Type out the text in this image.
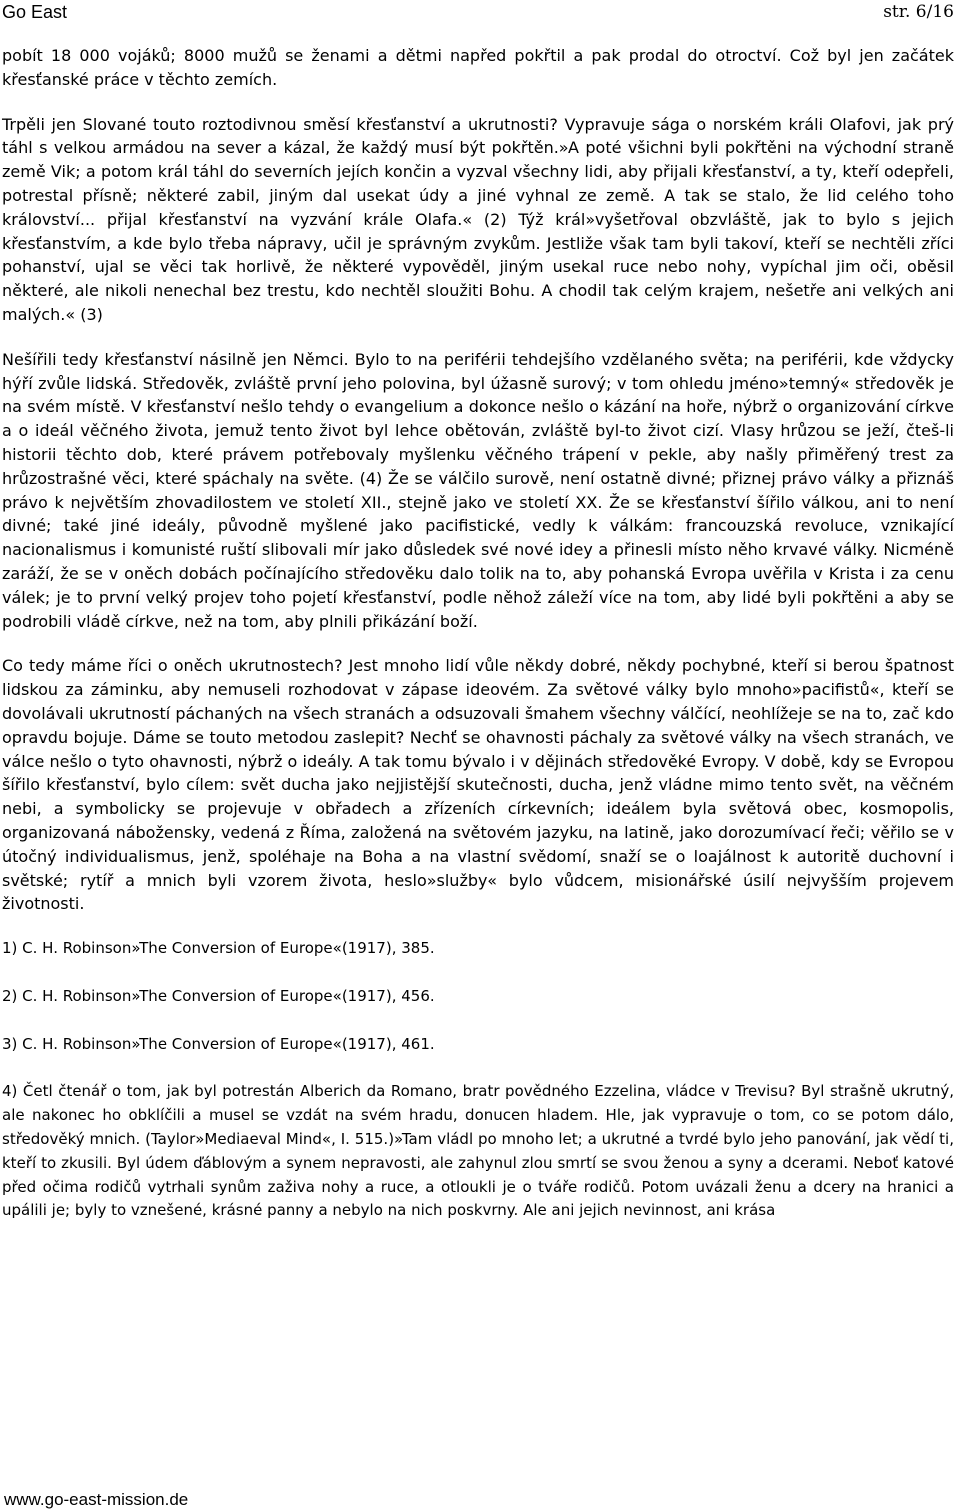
Go East	str. 6/16

pobít 18 000 vojáků; 8000 mužů se ženami a dětmi napřed pokřtil a pak prodal do otroctví. Což byl jen začátek křesťanské práce v těchto zemích.

Trpěli jen Slované touto roztodivnou směsí křesťanství a ukrutnosti? Vypravuje sága o norském králi Olafovi, jak prý táhl s velkou armádou na sever a kázal, že každý musí být pokřtěn.»A poté všichni byli pokřtěni na východní straně země Vik; a potom král táhl do severních jejích končin a vyzval všechny lidi, aby přijali křesťanství, a ty, kteří odepřeli, potrestal přísně; některé zabil, jiným dal usekat údy a jiné vyhnal ze země. A tak se stalo, že lid celého toho království... přijal křesťanství na vyzvání krále Olafa.« (2) Týž král»vyšetřoval obzvláště, jak to bylo s jejich křesťanstvím, a kde bylo třeba nápravy, učil je správným zvykům. Jestliže však tam byli takoví, kteří se nechtěli zříci pohanství, ujal se věci tak horlivě, že některé vypověděl, jiným usekal ruce nebo nohy, vypíchal jim oči, oběsil některé, ale nikoli nenechal bez trestu, kdo nechtěl sloužiti Bohu. A chodil tak celým krajem, nešetře ani velkých ani malých.« (3)

Nešířili tedy křesťanství násilně jen Němci. Bylo to na periférii tehdejšího vzdělaného světa; na periférii, kde vždycky hýří zvůle lidská. Středověk, zvláště první jeho polovina, byl úžasně surový; v tom ohledu jméno»temný« středověk je na svém místě. V křesťanství nešlo tehdy o evangelium a dokonce nešlo o kázání na hoře, nýbrž o organizování církve a o ideál věčného života, jemuž tento život byl lehce obětován, zvláště byl-to život cizí. Vlasy hrůzou se ježí, čteš-li historii těchto dob, které právem potřebovaly myšlenku věčného trápení v pekle, aby našly přiměřený trest za hrůzostrašné věci, které spáchaly na světe. (4) Že se válčilo surově, není ostatně divné; přiznej právo války a přiznáš právo k největším zhovadilostem ve století XII., stejně jako ve století XX. Že se křesťanství šířilo válkou, ani to není divné; také jiné ideály, původně myšlené jako pacifistické, vedly k válkám: francouzská revoluce, vznikající nacionalismus i komunisté ruští slibovali mír jako důsledek své nové idey a přinesli místo něho krvavé války. Nicméně zaráží, že se v oněch dobách počínajícího středověku dalo tolik na to, aby pohanská Evropa uvěřila v Krista i za cenu válek; je to první velký projev toho pojetí křesťanství, podle něhož záleží více na tom, aby lidé byli pokřtěni a aby se podrobili vládě církve, než na tom, aby plnili přikázání boží.

Co tedy máme říci o oněch ukrutnostech? Jest mnoho lidí vůle někdy dobré, někdy pochybné, kteří si berou špatnost lidskou za záminku, aby nemuseli rozhodovat v zápase ideovém. Za světové války bylo mnoho»pacifistů«, kteří se dovolávali ukrutností páchaných na všech stranách a odsuzovali šmahem všechny válčící, neohlížeje se na to, zač kdo opravdu bojuje. Dáme se touto metodou zaslepit? Nechť se ohavnosti páchaly za světové války na všech stranách, ve válce nešlo o tyto ohavnosti, nýbrž o ideály. A tak tomu bývalo i v dějinách středověké Evropy. V době, kdy se Evropou šířilo křesťanství, bylo cílem: svět ducha jako nejjistější skutečnosti, ducha, jenž vládne mimo tento svět, na věčném nebi, a symbolicky se projevuje v obřadech a zřízeních církevních; ideálem byla světová obec, kosmopolis, organizovaná nábožensky, vedená z Říma, založená na světovém jazyku, na latině, jako dorozumívací řeči; věřilo se v útočný individualismus, jenž, spoléhaje na Boha a na vlastní svědomí, snaží se o loajálnost k autoritě duchovní i světské; rytíř a mnich byli vzorem života, heslo»služby« bylo vůdcem, misionářské úsilí nejvyšším projevem životnosti.

1) C. H. Robinson»The Conversion of Europe«(1917), 385.

2) C. H. Robinson»The Conversion of Europe«(1917), 456.

3) C. H. Robinson»The Conversion of Europe«(1917), 461.

4) Četl čtenář o tom, jak byl potrestán Alberich da Romano, bratr povědného Ezzelina, vládce v Trevisu? Byl strašně ukrutný, ale nakonec ho obklíčili a musel se vzdát na svém hradu, donucen hladem. Hle, jak vypravuje o tom, co se potom dálo, středověký mnich. (Taylor»Mediaeval Mind«, I. 515.)»Tam vládl po mnoho let; a ukrutné a tvrdé bylo jeho panování, jak vědí ti, kteří to zkusili. Byl údem ďáblovým a synem nepravosti, ale zahynul zlou smrtí se svou ženou a syny a dcerami. Neboť katové před očima rodičů vytrhali synům zaživa nohy a ruce, a otloukli je o tváře rodičů. Potom uvázali ženu a dcery na hranici a upálili je; byly to vznešené, krásné panny a nebylo na nich poskvrny. Ale ani jejich nevinnost, ani krása

www.go-east-mission.de
